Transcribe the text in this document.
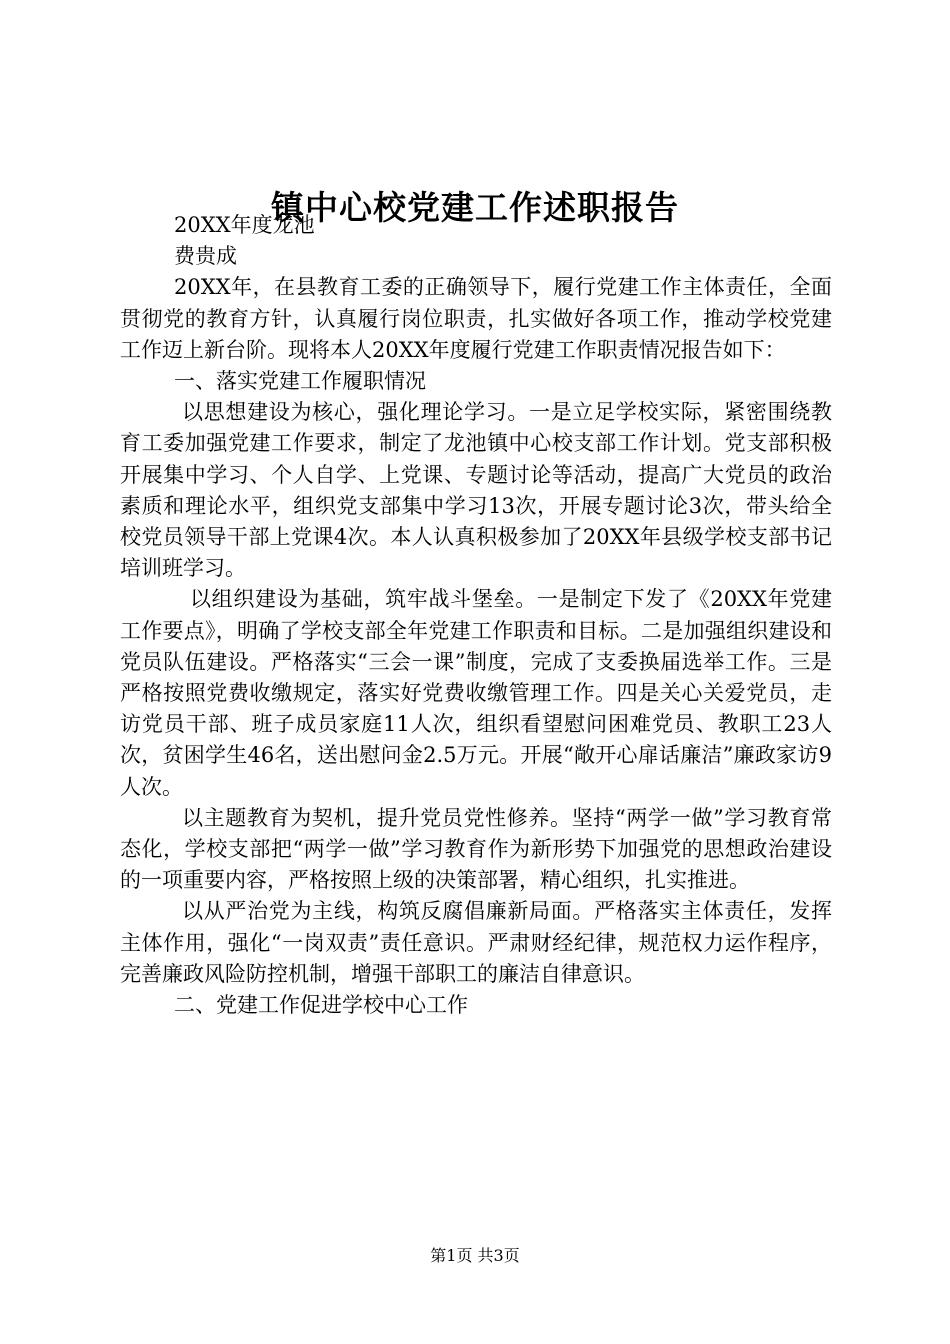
镇中心校党建工作述职报告

20XX年度龙池

费贵成

20XX年，在县教育工委的正确领导下，履行党建工作主体责任，全面贯彻党的教育方针，认真履行岗位职责，扎实做好各项工作，推动学校党建工作迈上新台阶。现将本人20XX年度履行党建工作职责情况报告如下：

一、落实党建工作履职情况

以思想建设为核心，强化理论学习。一是立足学校实际，紧密围绕教育工委加强党建工作要求，制定了龙池镇中心校支部工作计划。党支部积极开展集中学习、个人自学、上党课、专题讨论等活动，提高广大党员的政治素质和理论水平，组织党支部集中学习13次，开展专题讨论3次，带头给全校党员领导干部上党课4次。本人认真积极参加了20XX年县级学校支部书记培训班学习。

以组织建设为基础，筑牢战斗堡垒。一是制定下发了《20XX年党建工作要点》，明确了学校支部全年党建工作职责和目标。二是加强组织建设和党员队伍建设。严格落实“三会一课”制度，完成了支委换届选举工作。三是严格按照党费收缴规定，落实好党费收缴管理工作。四是关心关爱党员，走访党员干部、班子成员家庭11人次，组织看望慰问困难党员、教职工23人次，贫困学生46名，送出慰问金2.5万元。开展“敞开心扉话廉洁”廉政家访9人次。

以主题教育为契机，提升党员党性修养。坚持“两学一做”学习教育常态化，学校支部把“两学一做”学习教育作为新形势下加强党的思想政治建设的一项重要内容，严格按照上级的决策部署，精心组织，扎实推进。

以从严治党为主线，构筑反腐倡廉新局面。严格落实主体责任，发挥主体作用，强化“一岗双责”责任意识。严肃财经纪律，规范权力运作程序，完善廉政风险防控机制，增强干部职工的廉洁自律意识。

二、党建工作促进学校中心工作

第1页 共3页
